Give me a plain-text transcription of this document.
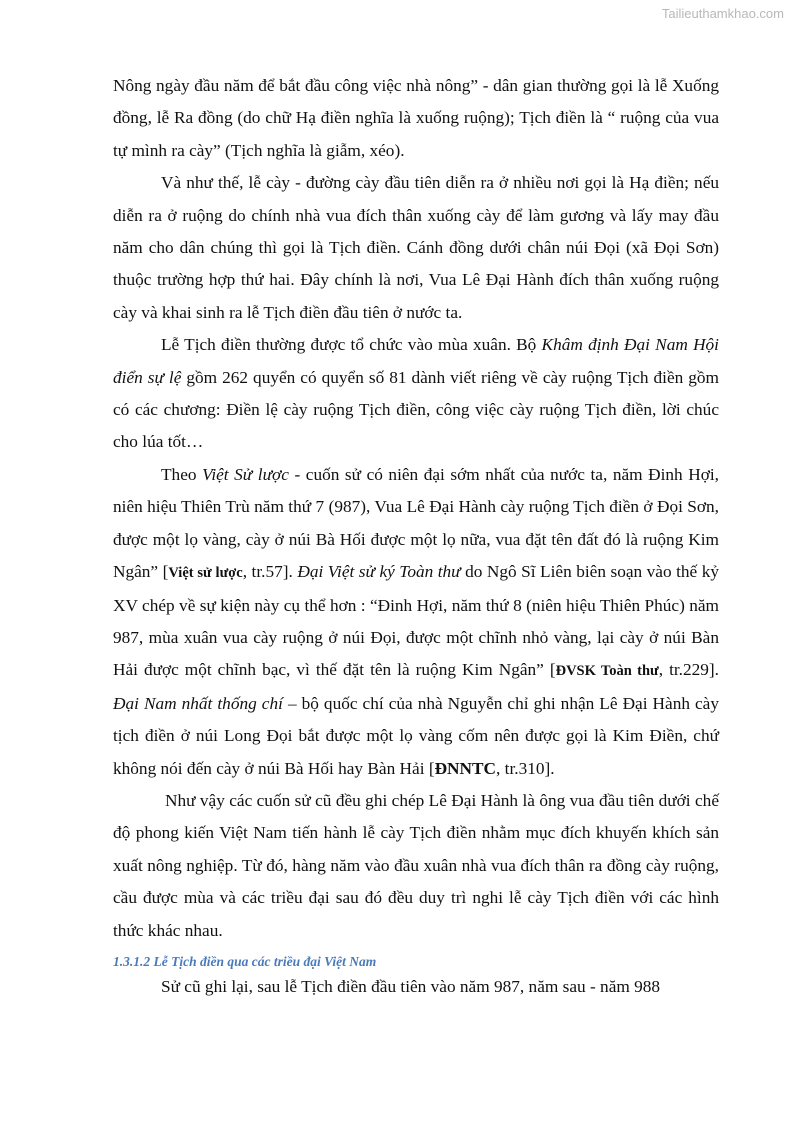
Tailieuthamkhao.com

Nông ngày đầu năm để bắt đầu công việc nhà nông” - dân gian thường gọi là lễ Xuống đồng, lễ Ra đồng (do chữ Hạ điền nghĩa là xuống ruộng); Tịch điền là “ ruộng của vua tự mình ra cày” (Tịch nghĩa là giẫm, xéo).

Và như thế, lễ cày - đường cày đầu tiên diễn ra ở nhiều nơi gọi là Hạ điền; nếu diễn ra ở ruộng do chính nhà vua đích thân xuống cày để làm gương và lấy may đầu năm cho dân chúng thì gọi là Tịch điền. Cánh đồng dưới chân núi Đọi (xã Đọi Sơn) thuộc trường hợp thứ hai. Đây chính là nơi, Vua Lê Đại Hành đích thân xuống ruộng cày và khai sinh ra lễ Tịch điền đầu tiên ở nước ta.

Lễ Tịch điền thường được tổ chức vào mùa xuân. Bộ Khâm định Đại Nam Hội điển sự lệ gồm 262 quyển có quyển số 81 dành viết riêng về cày ruộng Tịch điền gồm có các chương: Điền lệ cày ruộng Tịch điền, công việc cày ruộng Tịch điền, lời chúc cho lúa tốt…

Theo Việt Sử lược - cuốn sử có niên đại sớm nhất của nước ta, năm Đinh Hợi, niên hiệu Thiên Trù năm thứ 7 (987), Vua Lê Đại Hành cày ruộng Tịch điền ở Đọi Sơn, được một lọ vàng, cày ở núi Bà Hối được một lọ nữa, vua đặt tên đất đó là ruộng Kim Ngân” [Việt sử lược, tr.57]. Đại Việt sử ký Toàn thư do Ngô Sĩ Liên biên soạn vào thế kỷ XV chép về sự kiện này cụ thể hơn : “Đinh Hợi, năm thứ 8 (niên hiệu Thiên Phúc) năm 987, mùa xuân vua cày ruộng ở núi Đọi, được một chĩnh nhỏ vàng, lại cày ở núi Bàn Hải được một chĩnh bạc, vì thế đặt tên là ruộng Kim Ngân” [ĐVSK Toàn thư, tr.229]. Đại Nam nhất thống chí – bộ quốc chí của nhà Nguyễn chỉ ghi nhận Lê Đại Hành cày tịch điền ở núi Long Đọi bắt được một lọ vàng cốm nên được gọi là Kim Điền, chứ không nói đến cày ở núi Bà Hối hay Bàn Hải [ĐNNTC, tr.310].

Như vậy các cuốn sử cũ đều ghi chép Lê Đại Hành là ông vua đầu tiên dưới chế độ phong kiến Việt Nam tiến hành lễ cày Tịch điền nhằm mục đích khuyến khích sản xuất nông nghiệp. Từ đó, hàng năm vào đầu xuân nhà vua đích thân ra đồng cày ruộng, cầu được mùa và các triều đại sau đó đều duy trì nghi lễ cày Tịch điền với các hình thức khác nhau.

1.3.1.2 Lễ Tịch điền qua các triều đại Việt Nam

Sử cũ ghi lại, sau lễ Tịch điền đầu tiên vào năm 987, năm sau - năm 988
